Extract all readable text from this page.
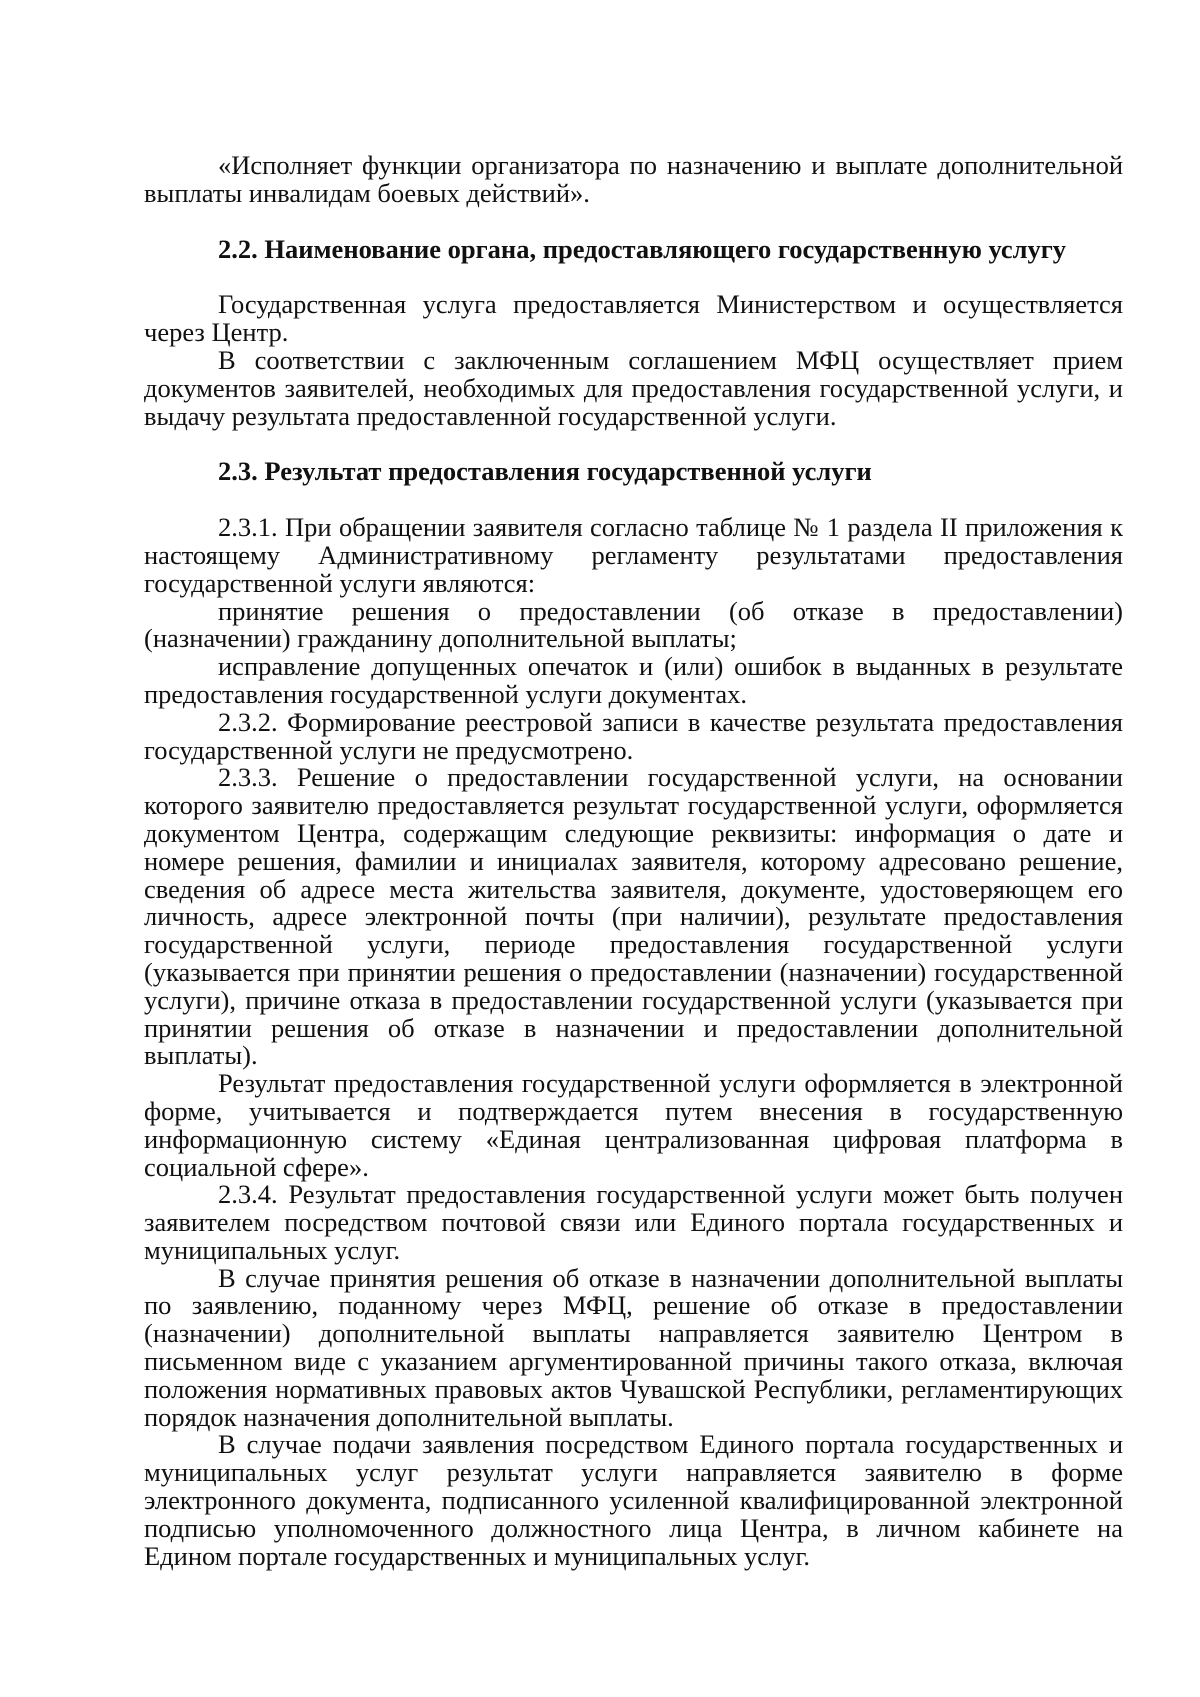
«Исполняет функции организатора по назначению и выплате дополнительной выплаты инвалидам боевых действий».

2.2. Наименование органа, предоставляющего государственную услугу

Государственная услуга предоставляется Министерством и осуществляется через Центр.

В соответствии с заключенным соглашением МФЦ осуществляет прием документов заявителей, необходимых для предоставления государственной услуги, и выдачу результата предоставленной государственной услуги.

2.3. Результат предоставления государственной услуги

2.3.1. При обращении заявителя согласно таблице № 1 раздела II приложения к настоящему Административному регламенту результатами предоставления государственной услуги являются:

принятие решения о предоставлении (об отказе в предоставлении) (назначении) гражданину дополнительной выплаты;

исправление допущенных опечаток и (или) ошибок в выданных в результате предоставления государственной услуги документах.

2.3.2. Формирование реестровой записи в качестве результата предоставления государственной услуги не предусмотрено.

2.3.3. Решение о предоставлении государственной услуги, на основании которого заявителю предоставляется результат государственной услуги, оформляется документом Центра, содержащим следующие реквизиты: информация о дате и номере решения, фамилии и инициалах заявителя, которому адресовано решение, сведения об адресе места жительства заявителя, документе, удостоверяющем его личность, адресе электронной почты (при наличии), результате предоставления государственной услуги, периоде предоставления государственной услуги (указывается при принятии решения о предоставлении (назначении) государственной услуги), причине отказа в предоставлении государственной услуги (указывается при принятии решения об отказе в назначении и предоставлении дополнительной выплаты).

Результат предоставления государственной услуги оформляется в электронной форме, учитывается и подтверждается путем внесения в государственную информационную систему «Единая централизованная цифровая платформа в социальной сфере».

2.3.4. Результат предоставления государственной услуги может быть получен заявителем посредством почтовой связи или Единого портала государственных и муниципальных услуг.

В случае принятия решения об отказе в назначении дополнительной выплаты по заявлению, поданному через МФЦ, решение об отказе в предоставлении (назначении) дополнительной выплаты направляется заявителю Центром в письменном виде с указанием аргументированной причины такого отказа, включая положения нормативных правовых актов Чувашской Республики, регламентирующих порядок назначения дополнительной выплаты.

В случае подачи заявления посредством Единого портала государственных и муниципальных услуг результат услуги направляется заявителю в форме электронного документа, подписанного усиленной квалифицированной электронной подписью уполномоченного должностного лица Центра, в личном кабинете на Едином портале государственных и муниципальных услуг.
